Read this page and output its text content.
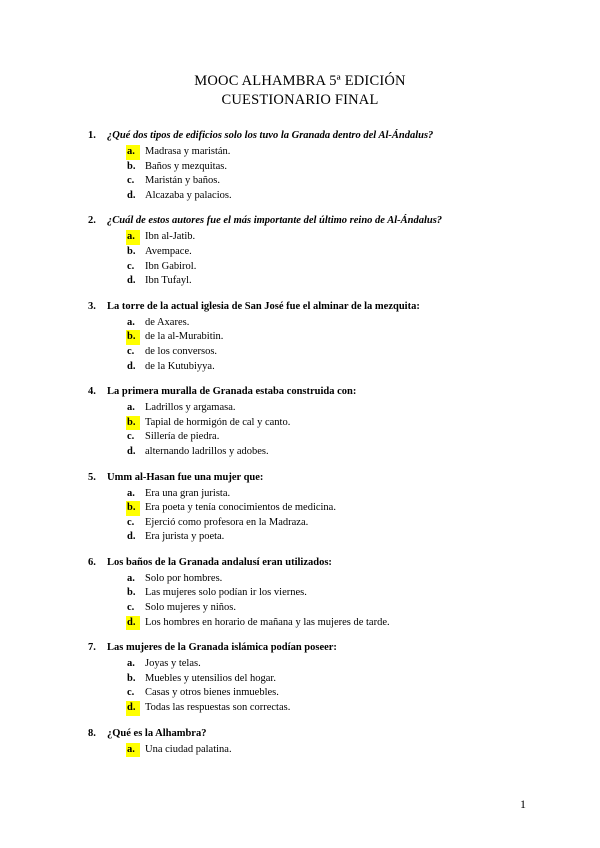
MOOC ALHAMBRA 5ª EDICIÓN
CUESTIONARIO FINAL
1.	¿Qué dos tipos de edificios solo los tuvo la Granada dentro del Al-Ándalus?
a. Madrasa y maristán.
b. Baños y mezquitas.
c.	Maristán y baños.
d. Alcazaba y palacios.
2.	¿Cuál de estos autores fue el más importante del último reino de Al-Ándalus?
a. Ibn al-Jatib.
b. Avempace.
c.	Ibn Gabirol.
d. Ibn Tufayl.
3.	La torre de la actual iglesia de San José fue el alminar de la mezquita:
a. de Axares.
b. de la al-Murabitin.
c.	de los conversos.
d. de la Kutubiyya.
4.	La primera muralla de Granada estaba construida con:
a. Ladrillos y argamasa.
b. Tapial de hormigón de cal y canto.
c.	Sillería de piedra.
d. alternando ladrillos y adobes.
5.	Umm al-Hasan fue una mujer que:
a. Era una gran jurista.
b. Era poeta y tenía conocimientos de medicina.
c.	Ejerció como profesora en la Madraza.
d. Era jurista y poeta.
6.	Los baños de la Granada andalusí eran utilizados:
a. Solo por hombres.
b. Las mujeres solo podían ir los viernes.
c.	Solo mujeres y niños.
d. Los hombres en horario de mañana y las mujeres de tarde.
7.	Las mujeres de la Granada islámica podían poseer:
a. Joyas y telas.
b. Muebles y utensilios del hogar.
c.	Casas y otros bienes inmuebles.
d. Todas las respuestas son correctas.
8.	¿Qué es la Alhambra?
a. Una ciudad palatina.
1
